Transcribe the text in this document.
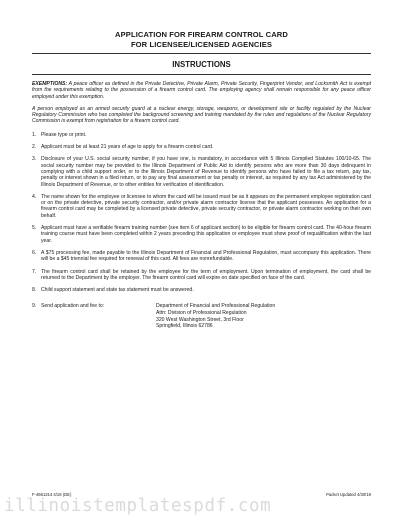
APPLICATION FOR FIREARM CONTROL CARD
FOR LICENSEE/LICENSED AGENCIES
INSTRUCTIONS
EXEMPTIONS: A peace officer as defined in the Private Detective, Private Alarm, Private Security, Fingerprint Vendor, and Locksmith Act is exempt from the requirements relating to the possession of a firearm control card. The employing agency shall remain responsible for any peace officer employed under this exemption.
A person employed as an armed security guard at a nuclear energy, storage, weapons, or development site or facility regulated by the Nuclear Regulatory Commission who has completed the background screening and training mandated by the rules and regulations of the Nuclear Regulatory Commission is exempt from registration for a firearm control card.
1. Please type or print.
2. Applicant must be at least 21 years of age to apply for a firearm control card.
3. Disclosure of your U.S. social security number, if you have one, is mandatory, in accordance with 5 Illinois Compiled Statutes 100/10-65. The social security number may be provided to the Illinois Department of Public Aid to identify persons who are more than 30 days delinquent in complying with a child support order, or to the Illinois Department of Revenue to identify persons who have failed to file a tax return, pay tax, penalty or interest shown in a filed return, or to pay any final assessment or tax penalty or interest, as required by any tax Act administered by the Illinois Department of Revenue, or to other entities for verification of identification.
4. The name shown for the employee or licensee to whom the card will be issued must be as it appears on the permanent employee registration card or on the private detective, private security contractor, and/or private alarm contractor license that the applicant possesses. An application for a firearm control card may be completed by a licensed private detective, private security contractor, or private alarm contractor working on their own behalf.
5. Applicant must have a verifiable firearm training number (see item 6 of applicant section) to be eligible for firearm control card. The 40-hour firearm training course must have been completed within 2 years preceding this application or employee must show proof of requalification within the last year.
6. A $75 processing fee, made payable to the Illinois Department of Financial and Professional Regulation, must accompany this application. There will be a $45 triennial fee required for renewal of this card. All fees are nonrefundable.
7. The firearm control card shall be retained by the employee for the term of employment. Upon termination of employment, the card shall be returned to the Department by the employer. The firearm control card will expire on date specified on face of the card.
8. Child support statement and state tax statement must be answered.
9. Send application and fee to:	Department of Financial and Professional Regulation
Attn: Division of Professional Regulation
320 West Washington Street, 3rd Floor
Springfield, Illinois 62786
F-4661314 4/19 (DE)	Packet Updated 4/30/19
illinoistemplatespdf.com
